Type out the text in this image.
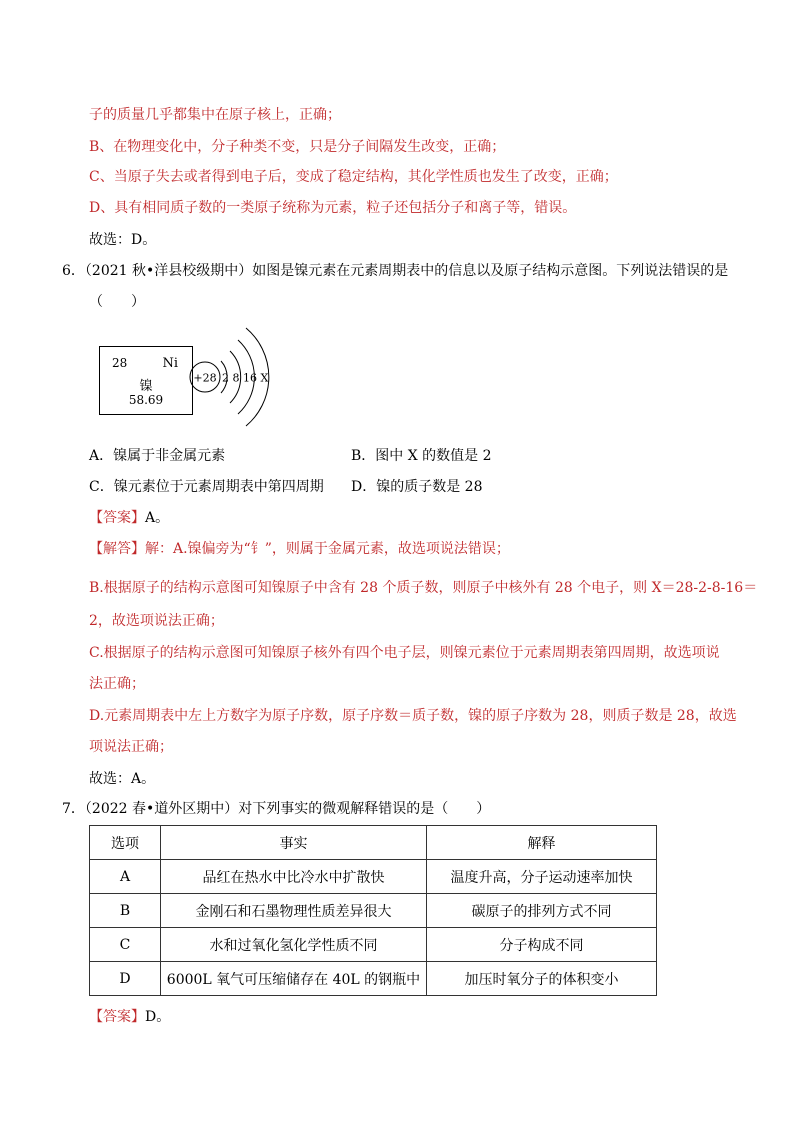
子的质量几乎都集中在原子核上，正确；
B、在物理变化中，分子种类不变，只是分子间隔发生改变，正确；
C、当原子失去或者得到电子后，变成了稳定结构，其化学性质也发生了改变，正确；
D、具有相同质子数的一类原子统称为元素，粒子还包括分子和离子等，错误。
故选：D。
6．（2021 秋•洋县校级期中）如图是镍元素在元素周期表中的信息以及原子结构示意图。下列说法错误的是
（　　）
28	Ni
镍
58.69
+28 2 8 16 X
A．镍属于非金属元素	B．图中 X 的数值是 2
C．镍元素位于元素周期表中第四周期 D．镍的质子数是 28
【答案】A。
【解答】解：A.镍偏旁为“钅”，则属于金属元素，故选项说法错误；
B.根据原子的结构示意图可知镍原子中含有 28 个质子数，则原子中核外有 28 个电子，则 X＝28-2-8-16＝
2，故选项说法正确；
C.根据原子的结构示意图可知镍原子核外有四个电子层，则镍元素位于元素周期表第四周期，故选项说
法正确；
D.元素周期表中左上方数字为原子序数，原子序数＝质子数，镍的原子序数为 28，则质子数是 28，故选
项说法正确；
故选：A。
7．（2022 春•道外区期中）对下列事实的微观解释错误的是（　　）
选项	事实	解释
A	品红在热水中比冷水中扩散快	温度升高，分子运动速率加快
B	金刚石和石墨物理性质差异很大	碳原子的排列方式不同
C	水和过氧化氢化学性质不同	分子构成不同
D	6000L 氧气可压缩储存在 40L 的钢瓶中	加压时氧分子的体积变小
【答案】D。
